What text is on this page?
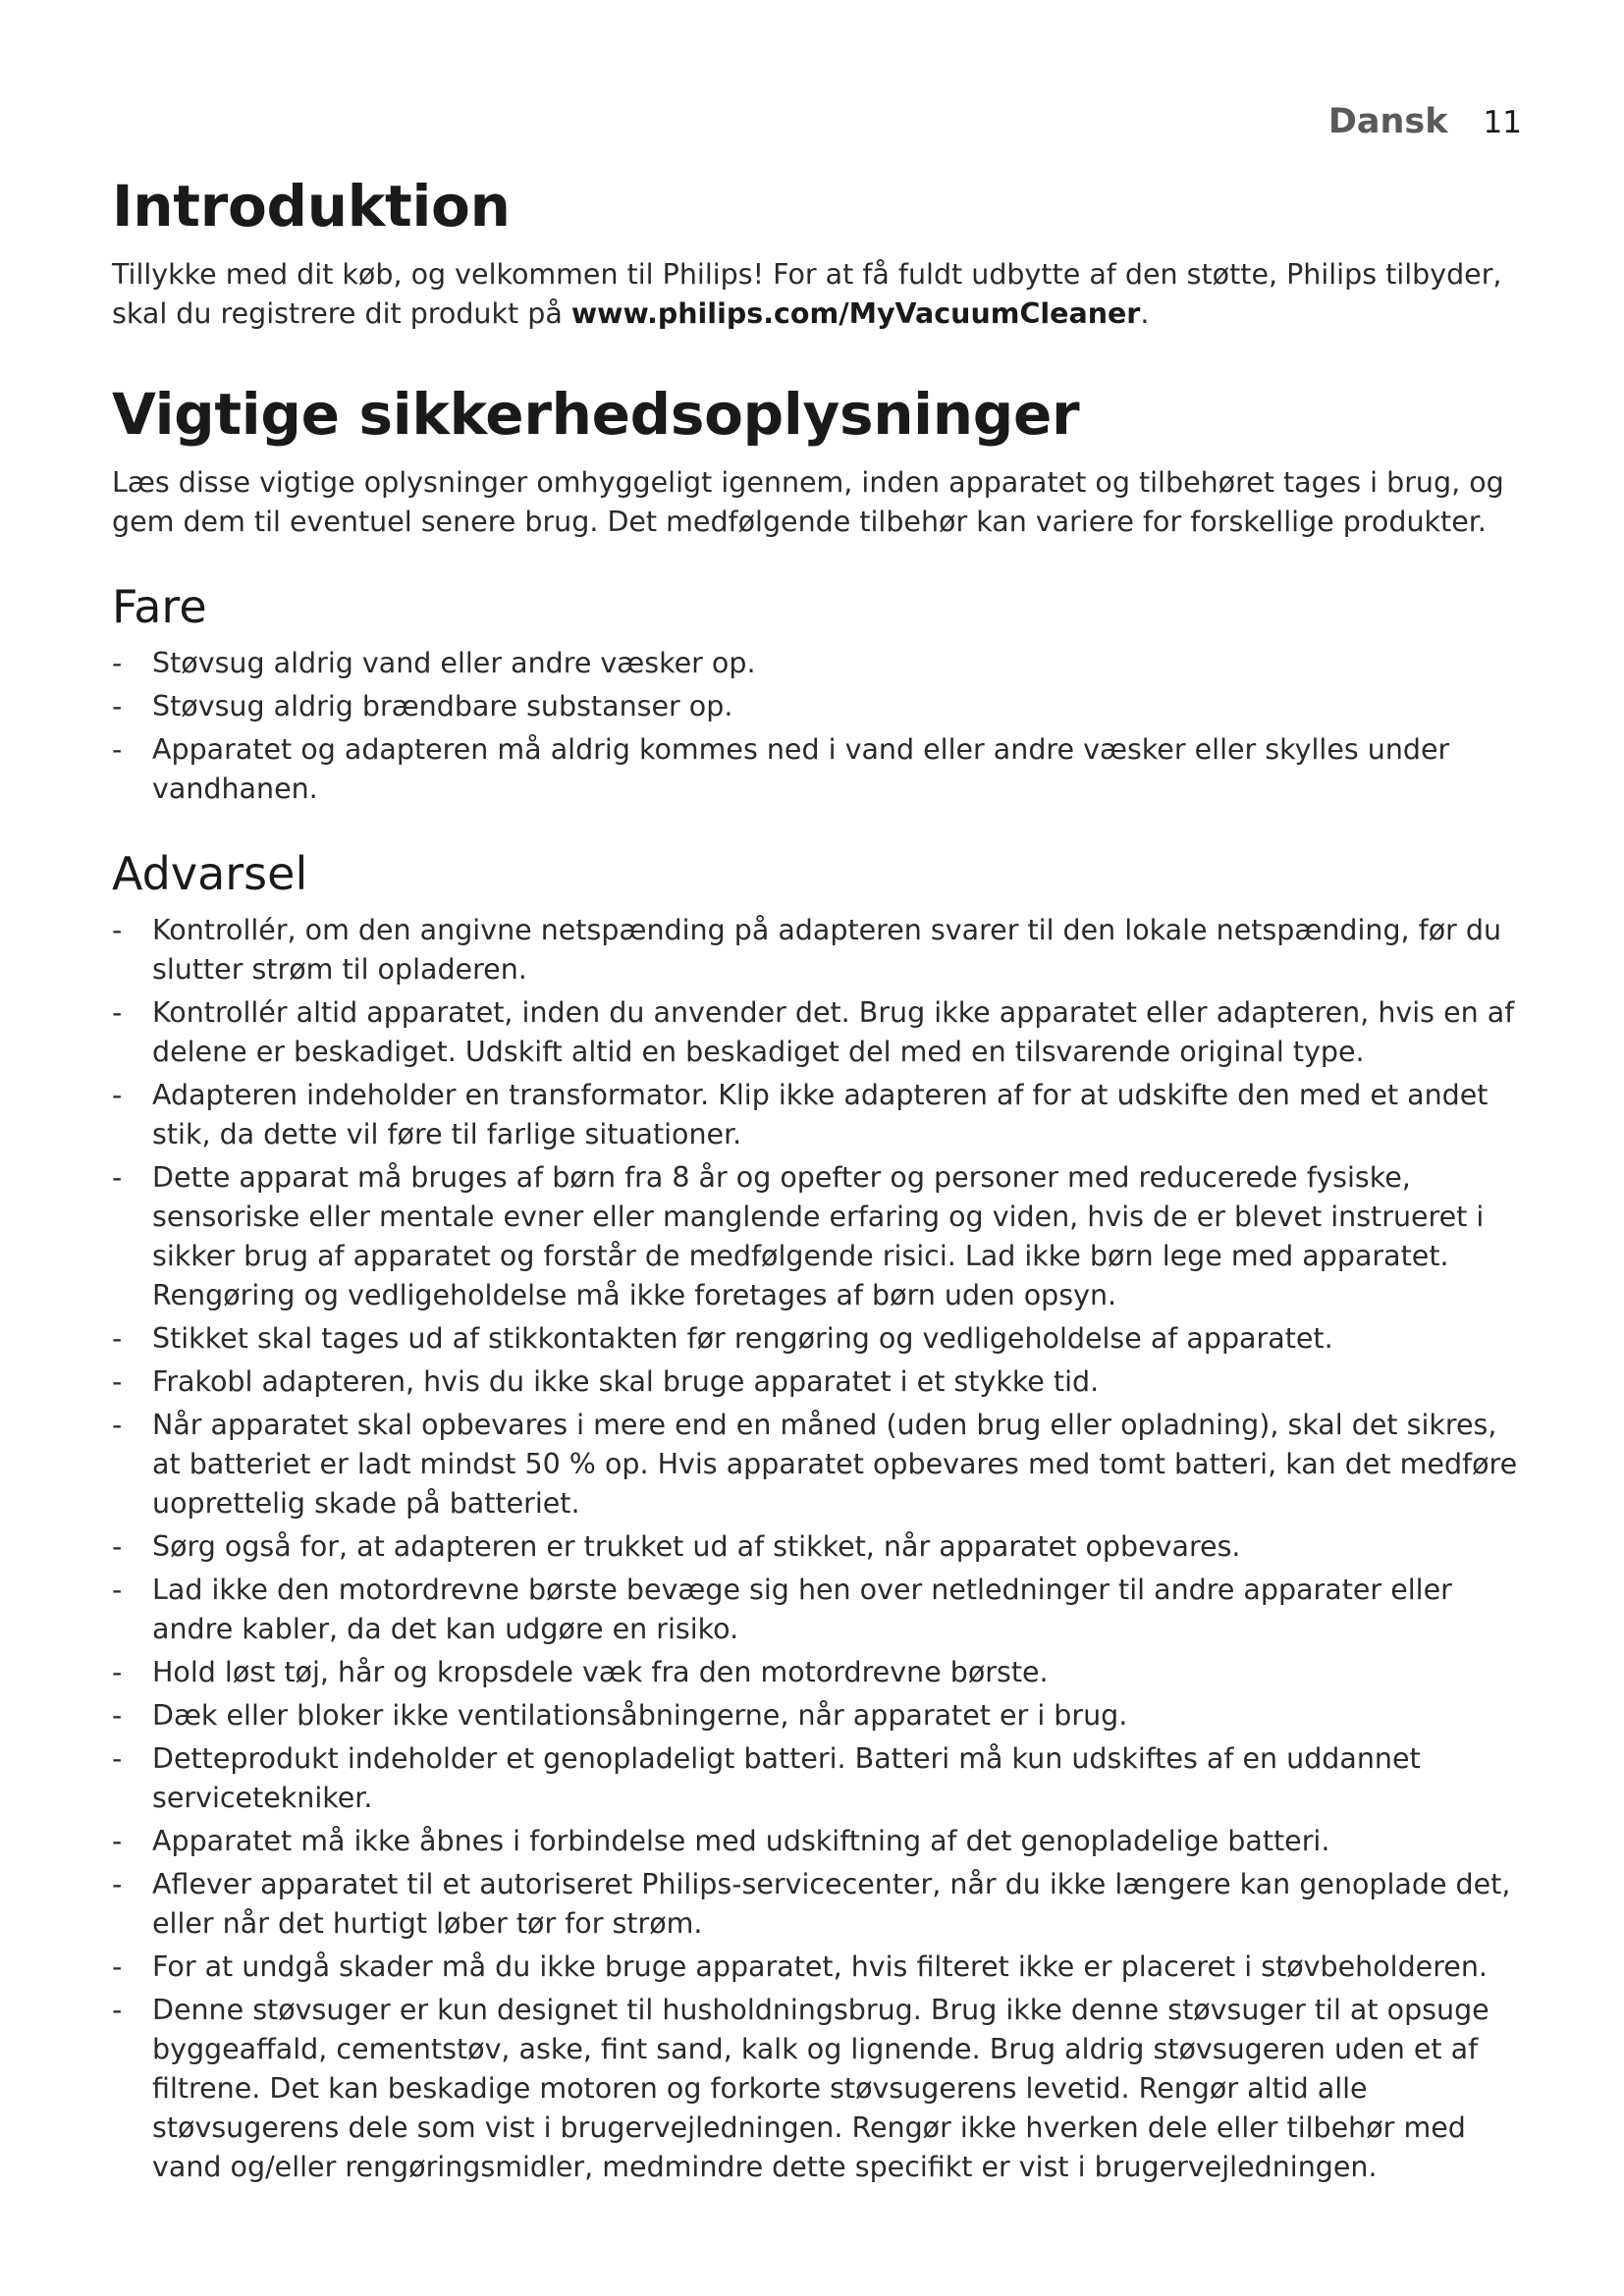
Dansk 11
Introduktion

Tillykke med dit køb, og velkommen til Philips! For at få fuldt udbytte af den støtte, Philips tilbyder, skal du registrere dit produkt på www.philips.com/MyVacuumCleaner.

Vigtige sikkerhedsoplysninger

Læs disse vigtige oplysninger omhyggeligt igennem, inden apparatet og tilbehøret tages i brug, og gem dem til eventuel senere brug. Det medfølgende tilbehør kan variere for forskellige produkter.

Fare
- Støvsug aldrig vand eller andre væsker op.
- Støvsug aldrig brændbare substanser op.
- Apparatet og adapteren må aldrig kommes ned i vand eller andre væsker eller skylles under vandhanen.
Advarsel
- Kontrollér, om den angivne netspænding på adapteren svarer til den lokale netspænding, før du slutter strøm til opladeren.
- Kontrollér altid apparatet, inden du anvender det. Brug ikke apparatet eller adapteren, hvis en af delene er beskadiget. Udskift altid en beskadiget del med en tilsvarende original type.
- Adapteren indeholder en transformator. Klip ikke adapteren af for at udskifte den med et andet stik, da dette vil føre til farlige situationer.
- Dette apparat må bruges af børn fra 8 år og opefter og personer med reducerede fysiske, sensoriske eller mentale evner eller manglende erfaring og viden, hvis de er blevet instrueret i sikker brug af apparatet og forstår de medfølgende risici. Lad ikke børn lege med apparatet. Rengøring og vedligeholdelse må ikke foretages af børn uden opsyn.
- Stikket skal tages ud af stikkontakten før rengøring og vedligeholdelse af apparatet.
- Frakobl adapteren, hvis du ikke skal bruge apparatet i et stykke tid.
- Når apparatet skal opbevares i mere end en måned (uden brug eller opladning), skal det sikres, at batteriet er ladt mindst 50 % op. Hvis apparatet opbevares med tomt batteri, kan det medføre uoprettelig skade på batteriet.
- Sørg også for, at adapteren er trukket ud af stikket, når apparatet opbevares.
- Lad ikke den motordrevne børste bevæge sig hen over netledninger til andre apparater eller andre kabler, da det kan udgøre en risiko.
- Hold løst tøj, hår og kropsdele væk fra den motordrevne børste.
- Dæk eller bloker ikke ventilationsåbningerne, når apparatet er i brug.
- Detteprodukt indeholder et genopladeligt batteri. Batteri må kun udskiftes af en uddannet servicetekniker.
- Apparatet må ikke åbnes i forbindelse med udskiftning af det genopladelige batteri.
- Aflever apparatet til et autoriseret Philips-servicecenter, når du ikke længere kan genoplade det, eller når det hurtigt løber tør for strøm.
- For at undgå skader må du ikke bruge apparatet, hvis filteret ikke er placeret i støvbeholderen.
- Denne støvsuger er kun designet til husholdningsbrug. Brug ikke denne støvsuger til at opsuge byggeaffald, cementstøv, aske, fint sand, kalk og lignende. Brug aldrig støvsugeren uden et af filtrene. Det kan beskadige motoren og forkorte støvsugerens levetid. Rengør altid alle støvsugerens dele som vist i brugervejledningen. Rengør ikke hverken dele eller tilbehør med vand og/eller rengøringsmidler, medmindre dette specifikt er vist i brugervejledningen.
